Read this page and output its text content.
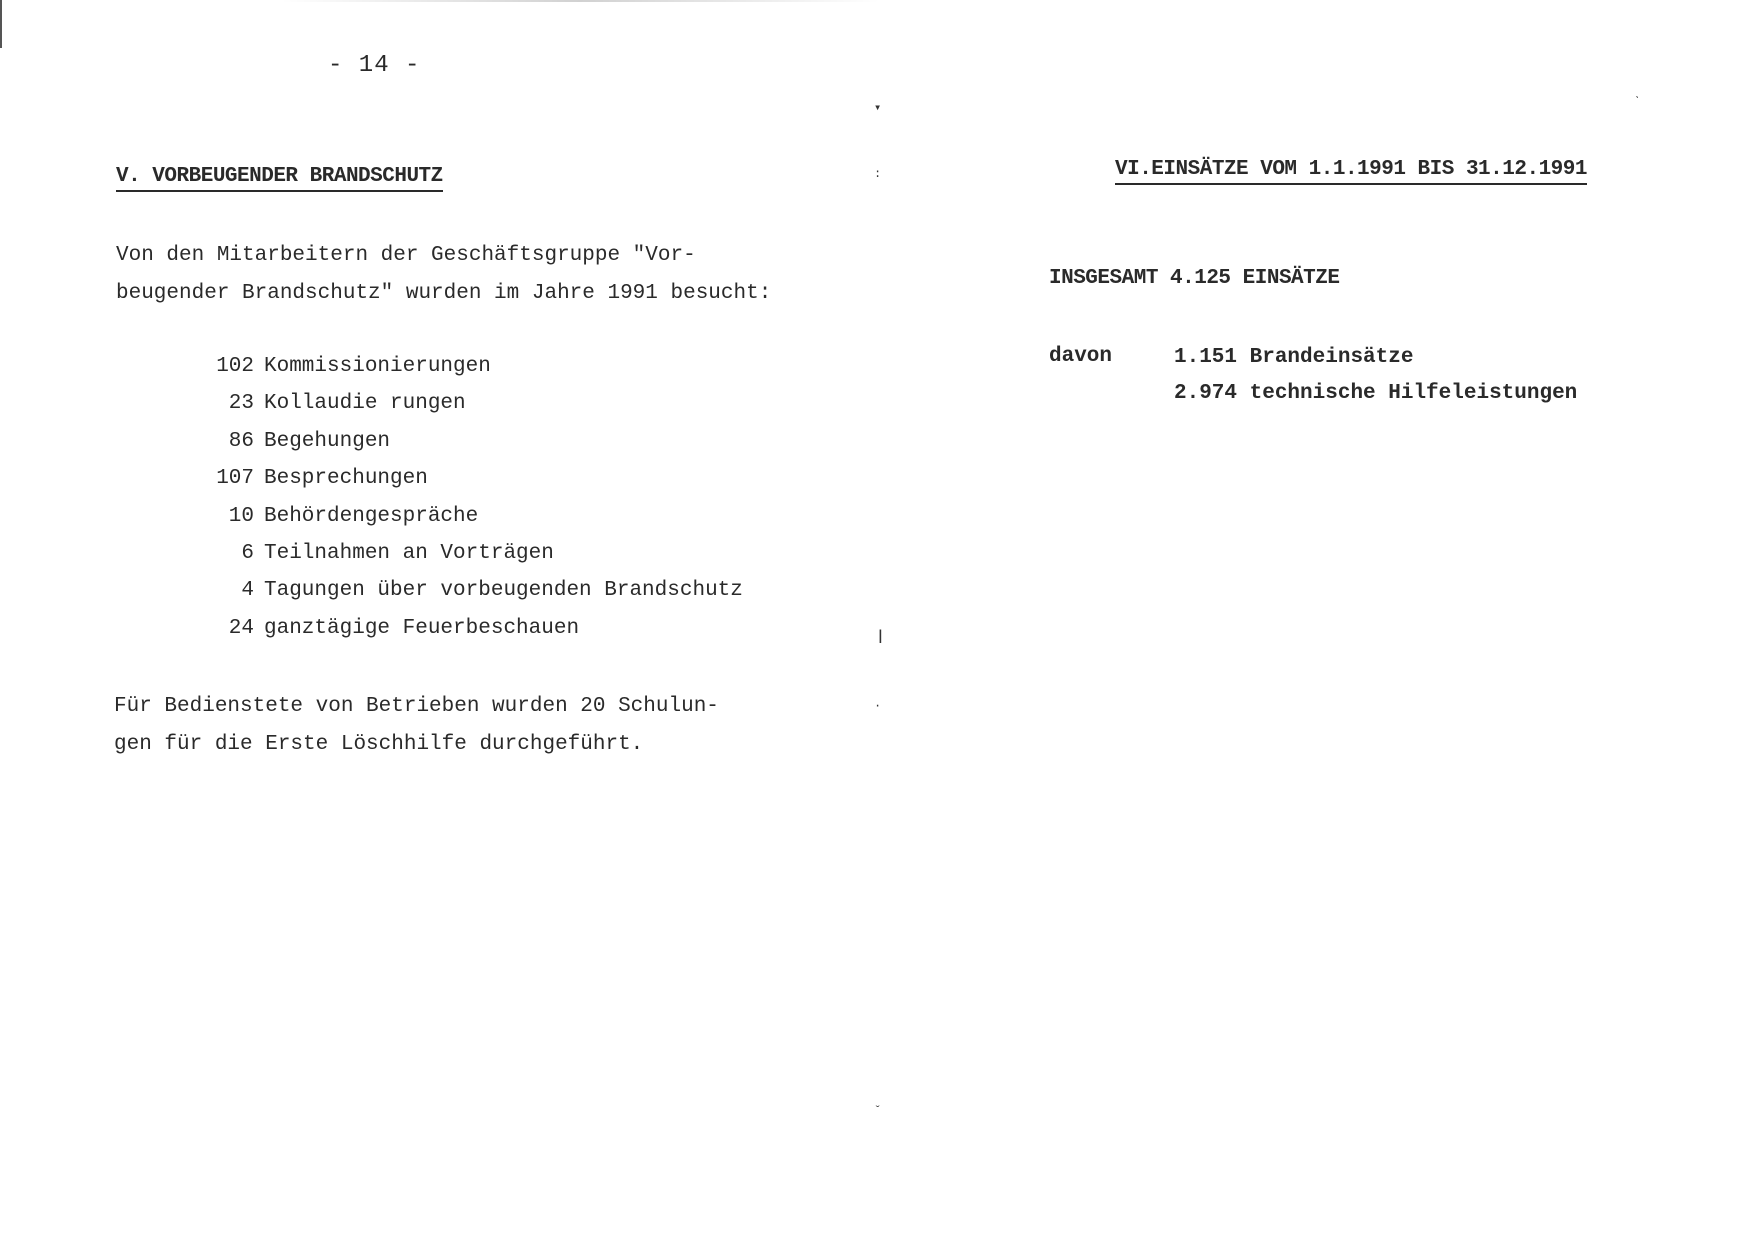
▾
:
ǀ
·
ˇ
ˋ
- 14 -
V. VORBEUGENDER BRANDSCHUTZ
Von den Mitarbeitern der Geschäftsgruppe "Vor-
beugender Brandschutz" wurden im Jahre 1991 besucht:
102 Kommissionierungen
23 Kollaudie rungen
86 Begehungen
107 Besprechungen
10 Behördengespräche
6 Teilnahmen an Vorträgen
4 Tagungen über vorbeugenden Brandschutz
24 ganztägige Feuerbeschauen
Für Bedienstete von Betrieben wurden 20 Schulun-
gen für die Erste Löschhilfe durchgeführt.
VI.EINSÄTZE VOM 1.1.1991 BIS 31.12.1991
INSGESAMT 4.125 EINSÄTZE
davon	1.151 Brandeinsätze
2.974 technische Hilfeleistungen
